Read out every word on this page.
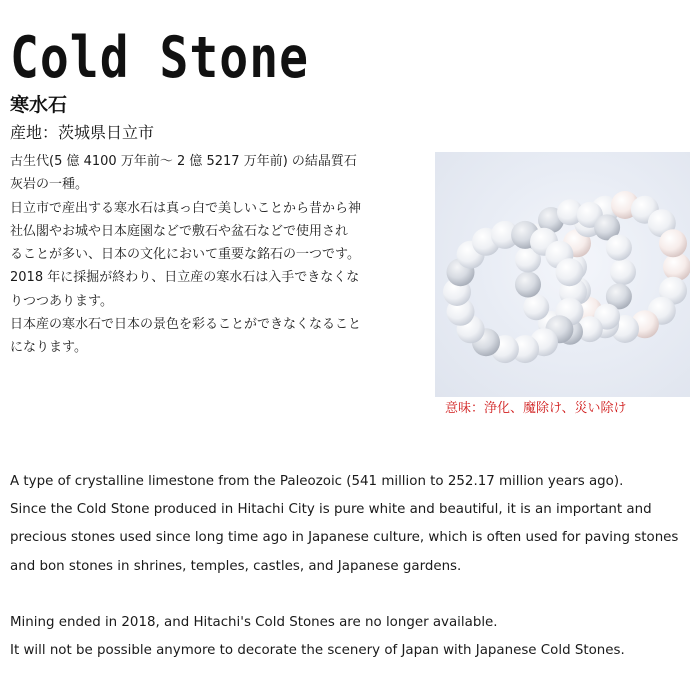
Cold Stone
寒水石
産地：茨城県日立市

古生代(5 億 4100 万年前～ 2 億 5217 万年前) の結晶質石

灰岩の一種。

日立市で産出する寒水石は真っ白で美しいことから昔から神

社仏閣やお城や日本庭園などで敷石や盆石などで使用され

ることが多い、日本の文化において重要な銘石の一つです。

2018 年に採掘が終わり、日立産の寒水石は入手できなくな

りつつあります。

日本産の寒水石で日本の景色を彩ることができなくなること

になります。

意味：浄化、魔除け、災い除け

A type of crystalline limestone from the Paleozoic (541 million to 252.17 million years ago).

Since the Cold Stone produced in Hitachi City is pure white and beautiful, it is an important and

precious stones used since long time ago in Japanese culture, which is often used for paving stones

and bon stones in shrines, temples, castles, and Japanese gardens.

Mining ended in 2018, and Hitachi's Cold Stones are no longer available.

It will not be possible anymore to decorate the scenery of Japan with Japanese Cold Stones.
